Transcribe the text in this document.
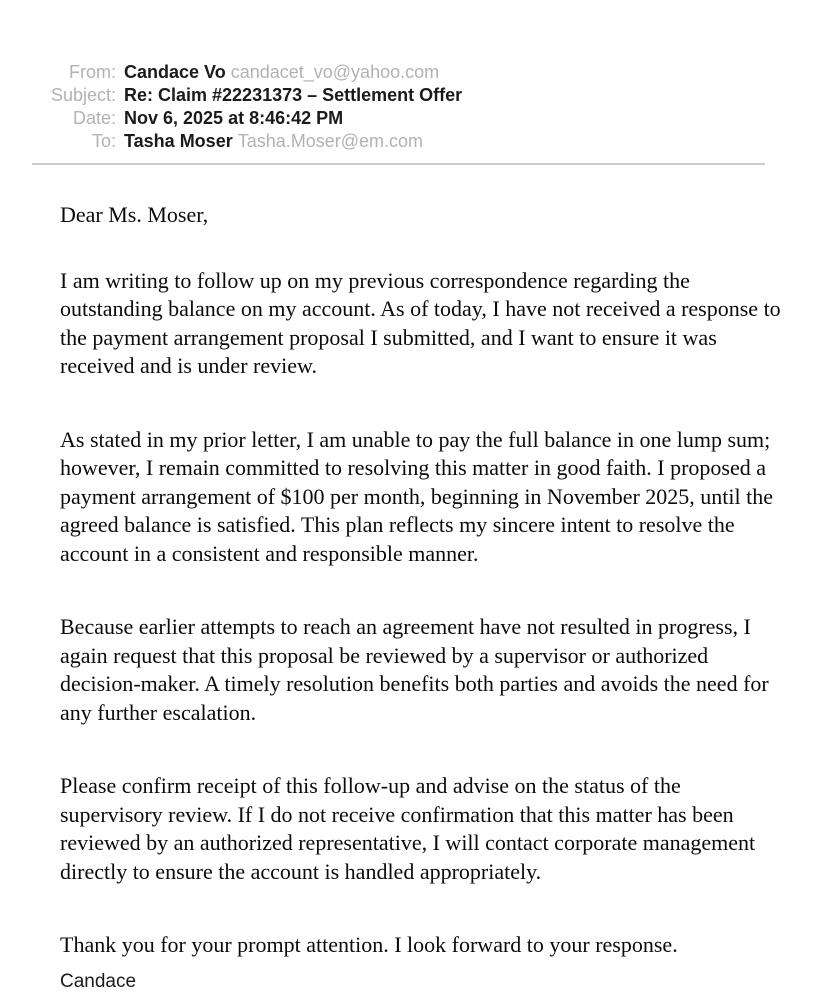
From: Candace Vo candacet_vo@yahoo.com
Subject: Re: Claim #22231373 – Settlement Offer
Date: Nov 6, 2025 at 8:46:42 PM
To: Tasha Moser Tasha.Moser@em.com

Dear Ms. Moser,

I am writing to follow up on my previous correspondence regarding the outstanding balance on my account. As of today, I have not received a response to the payment arrangement proposal I submitted, and I want to ensure it was received and is under review.

As stated in my prior letter, I am unable to pay the full balance in one lump sum; however, I remain committed to resolving this matter in good faith. I proposed a payment arrangement of $100 per month, beginning in November 2025, until the agreed balance is satisfied. This plan reflects my sincere intent to resolve the account in a consistent and responsible manner.

Because earlier attempts to reach an agreement have not resulted in progress, I again request that this proposal be reviewed by a supervisor or authorized decision-maker. A timely resolution benefits both parties and avoids the need for any further escalation.

Please confirm receipt of this follow-up and advise on the status of the supervisory review. If I do not receive confirmation that this matter has been reviewed by an authorized representative, I will contact corporate management directly to ensure the account is handled appropriately.

Thank you for your prompt attention. I look forward to your response.

Candace
